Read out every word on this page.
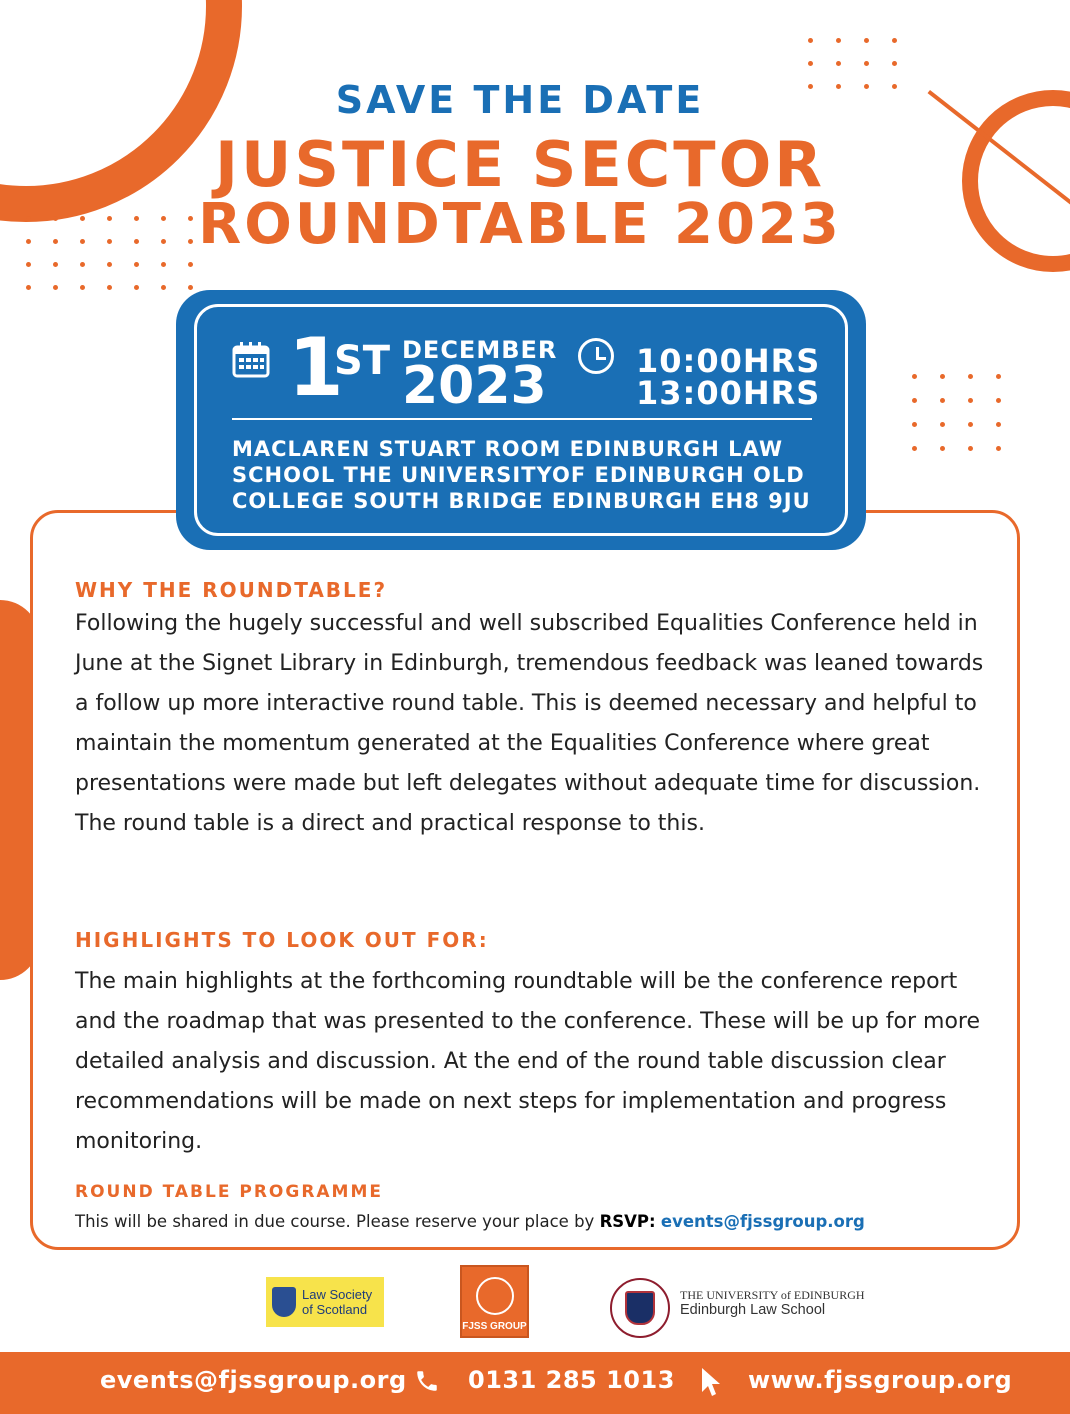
SAVE THE DATE
JUSTICE SECTOR
ROUNDTABLE 2023
1
ST DECEMBER
2023	10:00HRS
13:00HRS
MACLAREN STUART ROOM EDINBURGH LAW
SCHOOL THE UNIVERSITYOF EDINBURGH OLD
COLLEGE SOUTH BRIDGE EDINBURGH EH8 9JU
WHY THE ROUNDTABLE?
Following the hugely successful and well subscribed Equalities Conference held in June at the Signet Library in Edinburgh, tremendous feedback was leaned towards a follow up more interactive round table. This is deemed necessary and helpful to maintain the momentum generated at the Equalities Conference where great presentations were made but left delegates without adequate time for discussion. The round table is a direct and practical response to this.
HIGHLIGHTS TO LOOK OUT FOR:
The main highlights at the forthcoming roundtable will be the conference report and the roadmap that was presented to the conference. These will be up for more detailed analysis and discussion. At the end of the round table discussion clear recommendations will be made on next steps for implementation and progress monitoring.
ROUND TABLE PROGRAMME
This will be shared in due course. Please reserve your place by RSVP: events@fjssgroup.org
Law Society
of Scotland
FJSS GROUP
THE UNIVERSITY of EDINBURGH
Edinburgh Law School
events@fjssgroup.org	0131 285 1013	www.fjssgroup.org
